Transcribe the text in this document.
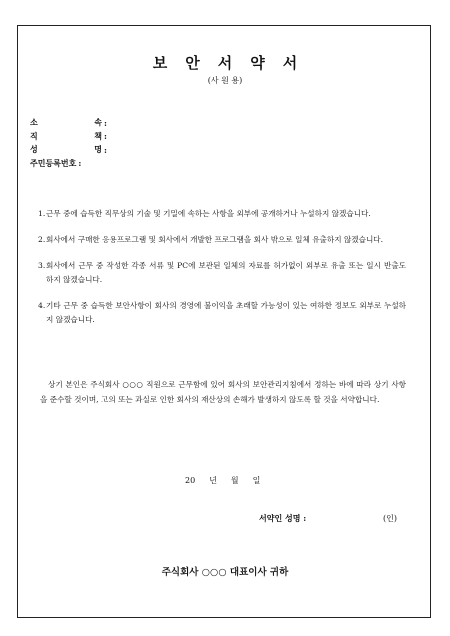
보 안 서 약 서
(사 원 용)
소	속 :
직	책 :
성	명 :
주민등록번호 :
1. 근무 중에 습득한 직무상의 기술 및 기밀에 속하는 사항을 외부에 공개하거나 누설하지 않겠습니다.
2. 회사에서 구매한 응용프로그램 및 회사에서 개발한 프로그램을 회사 밖으로 일체 유출하지 않겠습니다.
3. 회사에서 근무 중 작성한 각종 서류 및 PC에 보관된 일체의 자료를 허가없이 외부로 유출 또는 일시 반출도 하지 않겠습니다.
4. 기타 근무 중 습득한 보안사항이 회사의 경영에 불이익을 초래할 가능성이 있는 여하한 정보도 외부로 누설하지 않겠습니다.
상기 본인은 주식회사 ○○○ 직원으로 근무함에 있어 회사의 보안관리지침에서 정하는 바에 따라 상기 사항을 준수할 것이며, 고의 또는 과실로 인한 회사의 재산상의 손해가 발생하지 않도록 할 것을 서약합니다.
20 년 월 일
서약인 성명 :	(인)
주식회사 ○○○ 대표이사 귀하
